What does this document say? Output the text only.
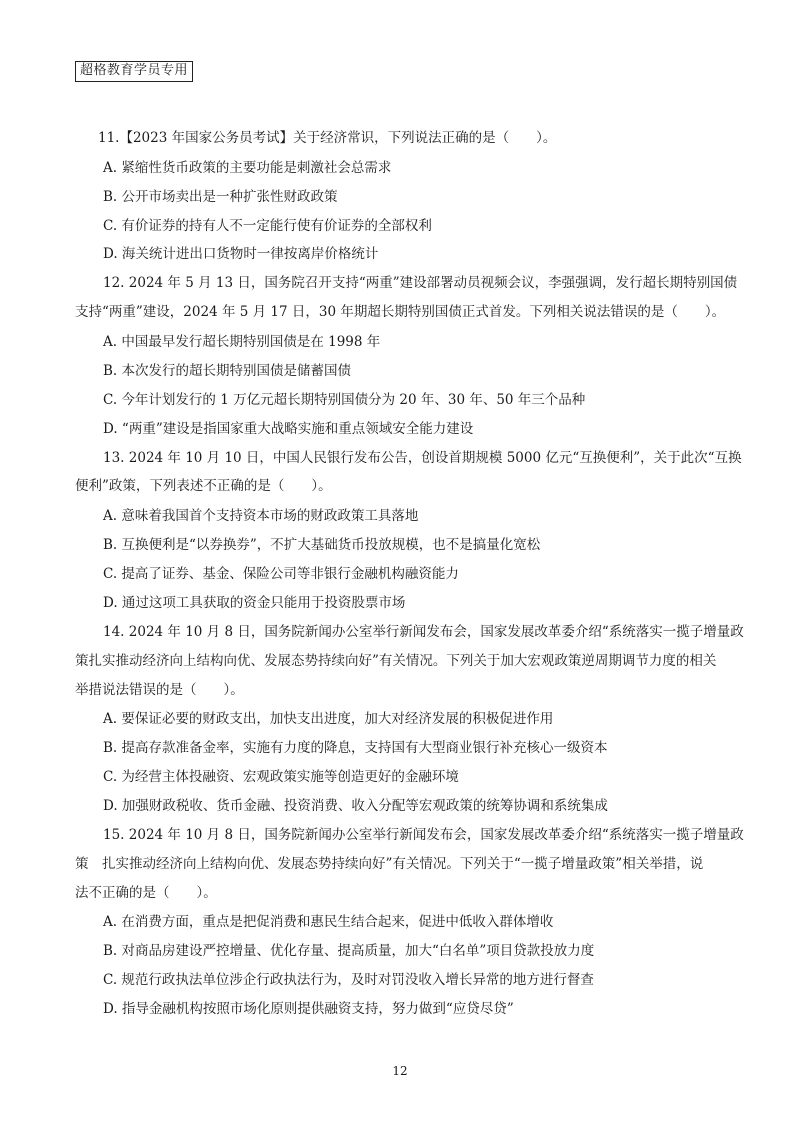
超格教育学员专用
11.【2023 年国家公务员考试】关于经济常识，下列说法正确的是（　　）。
A. 紧缩性货币政策的主要功能是刺激社会总需求
B. 公开市场卖出是一种扩张性财政政策
C. 有价证券的持有人不一定能行使有价证券的全部权利
D. 海关统计进出口货物时一律按离岸价格统计
12. 2024 年 5 月 13 日，国务院召开支持“两重”建设部署动员视频会议，李强强调，发行超长期特别国债
支持“两重”建设，2024 年 5 月 17 日，30 年期超长期特别国债正式首发。下列相关说法错误的是（　　）。
A. 中国最早发行超长期特别国债是在 1998 年
B. 本次发行的超长期特别国债是储蓄国债
C. 今年计划发行的 1 万亿元超长期特别国债分为 20 年、30 年、50 年三个品种
D. “两重”建设是指国家重大战略实施和重点领域安全能力建设
13. 2024 年 10 月 10 日，中国人民银行发布公告，创设首期规模 5000 亿元“互换便利”，关于此次“互换
便利”政策，下列表述不正确的是（　　）。
A. 意味着我国首个支持资本市场的财政政策工具落地
B. 互换便利是“以券换券”，不扩大基础货币投放规模，也不是搞量化宽松
C. 提高了证券、基金、保险公司等非银行金融机构融资能力
D. 通过这项工具获取的资金只能用于投资股票市场
14. 2024 年 10 月 8 日，国务院新闻办公室举行新闻发布会，国家发展改革委介绍“系统落实一揽子增量政
策扎实推动经济向上结构向优、发展态势持续向好”有关情况。下列关于加大宏观政策逆周期调节力度的相关
举措说法错误的是（　　）。
A. 要保证必要的财政支出，加快支出进度，加大对经济发展的积极促进作用
B. 提高存款准备金率，实施有力度的降息，支持国有大型商业银行补充核心一级资本
C. 为经营主体投融资、宏观政策实施等创造更好的金融环境
D. 加强财政税收、货币金融、投资消费、收入分配等宏观政策的统筹协调和系统集成
15. 2024 年 10 月 8 日，国务院新闻办公室举行新闻发布会，国家发展改革委介绍“系统落实一揽子增量政
策　扎实推动经济向上结构向优、发展态势持续向好”有关情况。下列关于“一揽子增量政策”相关举措，说
法不正确的是（　　）。
A. 在消费方面，重点是把促消费和惠民生结合起来，促进中低收入群体增收
B. 对商品房建设严控增量、优化存量、提高质量，加大“白名单”项目贷款投放力度
C. 规范行政执法单位涉企行政执法行为，及时对罚没收入增长异常的地方进行督查
D. 指导金融机构按照市场化原则提供融资支持，努力做到“应贷尽贷”
12
